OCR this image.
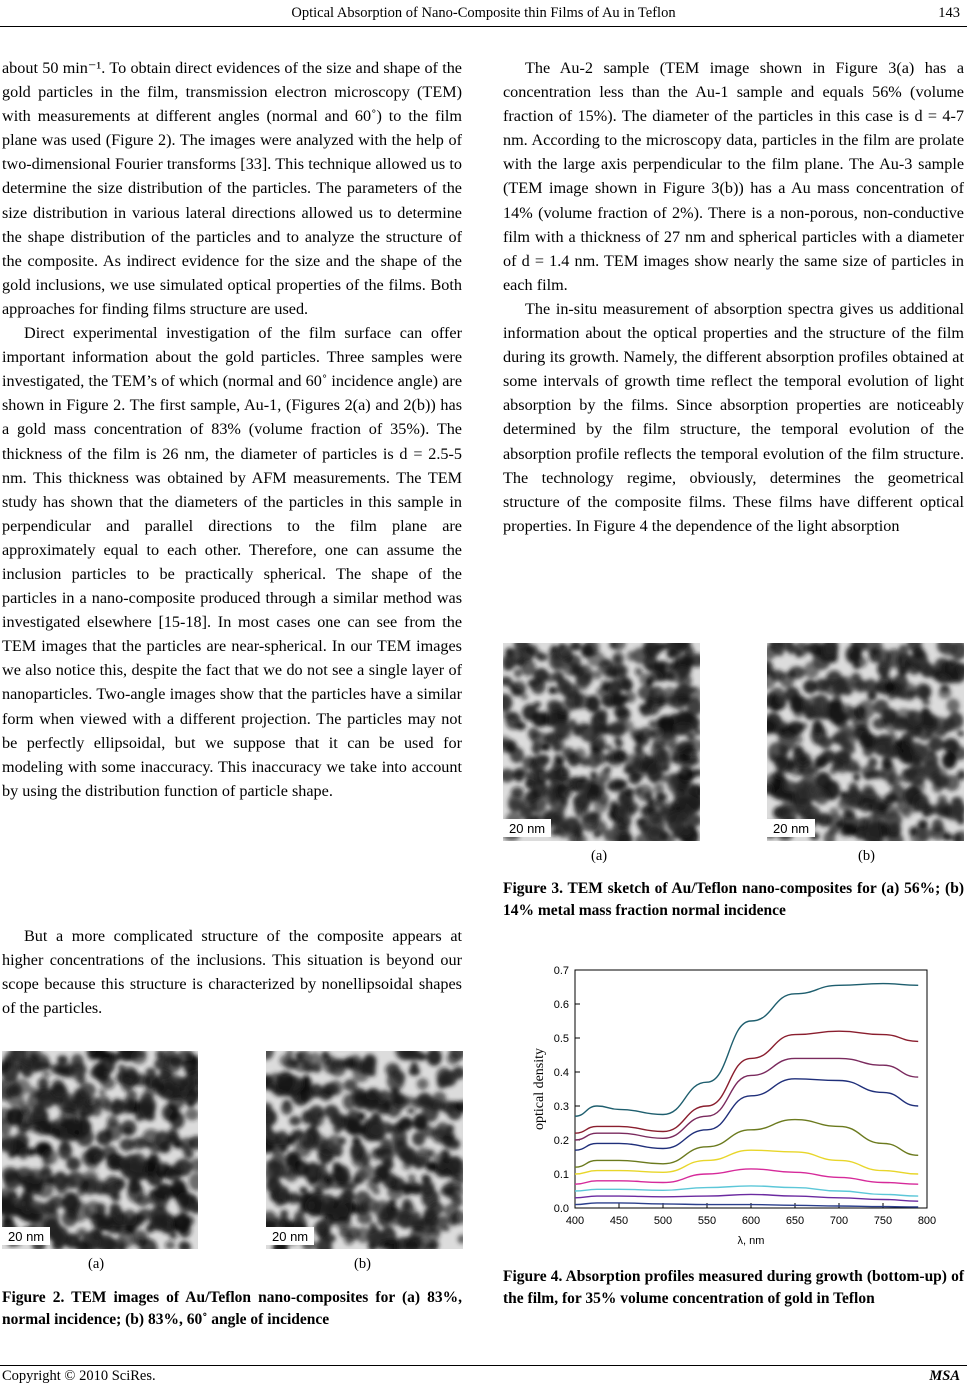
Optical Absorption of Nano-Composite thin Films of Au in Teflon	143

about 50 min⁻¹. To obtain direct evidences of the size and shape of the gold particles in the film, transmission electron microscopy (TEM) with measurements at different angles (normal and 60˚) to the film plane was used (Figure 2). The images were analyzed with the help of two-dimensional Fourier transforms [33]. This technique allowed us to determine the size distribution of the particles. The parameters of the size distribution in various lateral directions allowed us to determine the shape distribution of the particles and to analyze the structure of the composite. As indirect evidence for the size and the shape of the gold inclusions, we use simulated optical properties of the films. Both approaches for finding films structure are used.

Direct experimental investigation of the film surface can offer important information about the gold particles. Three samples were investigated, the TEM’s of which (normal and 60˚ incidence angle) are shown in Figure 2. The first sample, Au-1, (Figures 2(a) and 2(b)) has a gold mass concentration of 83% (volume fraction of 35%). The thickness of the film is 26 nm, the diameter of particles is d = 2.5-5 nm. This thickness was obtained by AFM measurements. The TEM study has shown that the diameters of the particles in this sample in perpendicular and parallel directions to the film plane are approximately equal to each other. Therefore, one can assume the inclusion particles to be practically spherical. The shape of the particles in a nano-composite produced through a similar method was investigated elsewhere [15-18]. In most cases one can see from the TEM images that the particles are near-spherical. In our TEM images we also notice this, despite the fact that we do not see a single layer of nanoparticles. Two-angle images show that the particles have a similar form when viewed with a different projection. The particles may not be perfectly ellipsoidal, but we suppose that it can be used for modeling with some inaccuracy. This inaccuracy we take into account by using the distribution function of particle shape.

But a more complicated structure of the composite appears at higher concentrations of the inclusions. This situation is beyond our scope because this structure is characterized by nonellipsoidal shapes of the particles.

The Au-2 sample (TEM image shown in Figure 3(a) has a concentration less than the Au-1 sample and equals 56% (volume fraction of 15%). The diameter of the particles in this case is d = 4-7 nm. According to the microscopy data, particles in the film are prolate with the large axis perpendicular to the film plane. The Au-3 sample (TEM image shown in Figure 3(b)) has a Au mass concentration of 14% (volume fraction of 2%). There is a non-porous, non-conductive film with a thickness of 27 nm and spherical particles with a diameter of d = 1.4 nm. TEM images show nearly the same size of particles in each film.

The in-situ measurement of absorption spectra gives us additional information about the optical properties and the structure of the film during its growth. Namely, the different absorption profiles obtained at some intervals of growth time reflect the temporal evolution of light absorption by the films. Since absorption properties are noticeably determined by the film structure, the temporal evolution of the absorption profile reflects the temporal evolution of the film structure. The technology regime, obviously, determines the geometrical structure of the composite films. These films have different optical properties. In Figure 4 the dependence of the light absorption

20 nm	20 nm
(a)	(b)
Figure 2. TEM images of Au/Teflon nano-composites for (a) 83%, normal incidence; (b) 83%, 60˚ angle of incidence
20 nm	20 nm
(a)	(b)
Figure 3. TEM sketch of Au/Teflon nano-composites for (a) 56%; (b) 14% metal mass fraction normal incidence
0.0
0.1
0.2
0.3
0.4
0.5
0.6
0.7
400 450 500 550 600 650 700 750 800
λ, nm
optical density
Figure 4. Absorption profiles measured during growth (bottom-up) of the film, for 35% volume concentration of gold in Teflon
Copyright © 2010 SciRes.	MSA
